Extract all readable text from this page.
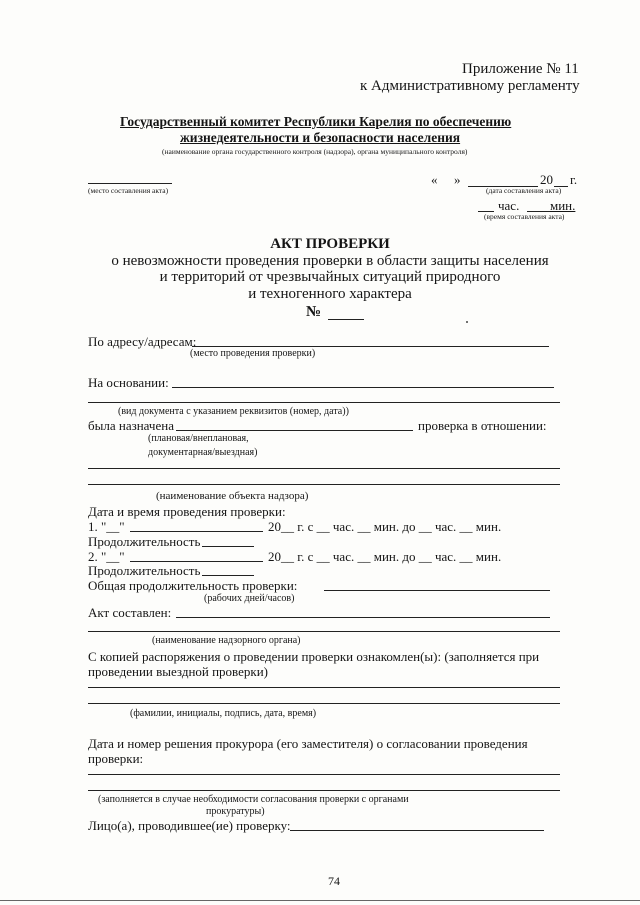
Приложение № 11
к Административному регламенту
Государственный комитет Республики Карелия по обеспечению
жизнедеятельности и безопасности населения
(наименование органа государственного контроля (надзора), органа муниципального контроля)
(место составления акта)
« »	20 г.
(дата составления акта)
час. мин.
(время составления акта)
АКТ ПРОВЕРКИ
о невозможности проведения проверки в области защиты населения
и территорий от чрезвычайных ситуаций природного
и техногенного характера
№
По адресу/адресам:
(место проведения проверки)
На основании:
(вид документа с указанием реквизитов (номер, дата))
была назначена	проверка в отношении:
(плановая/внеплановая,
документарная/выездная)
(наименование объекта надзора)
Дата и время проведения проверки:
1. "__"	20__ г. с __ час. __ мин. до __ час. __ мин.
Продолжительность
2. "__"	20__ г. с __ час. __ мин. до __ час. __ мин.
Продолжительность
Общая продолжительность проверки:
(рабочих дней/часов)
Акт составлен:
(наименование надзорного органа)
С копией распоряжения о проведении проверки ознакомлен(ы): (заполняется при
проведении выездной проверки)
(фамилии, инициалы, подпись, дата, время)
Дата и номер решения прокурора (его заместителя) о согласовании проведения
проверки:
(заполняется в случае необходимости согласования проверки с органами
прокуратуры)
Лицо(а), проводившее(ие) проверку:
74
